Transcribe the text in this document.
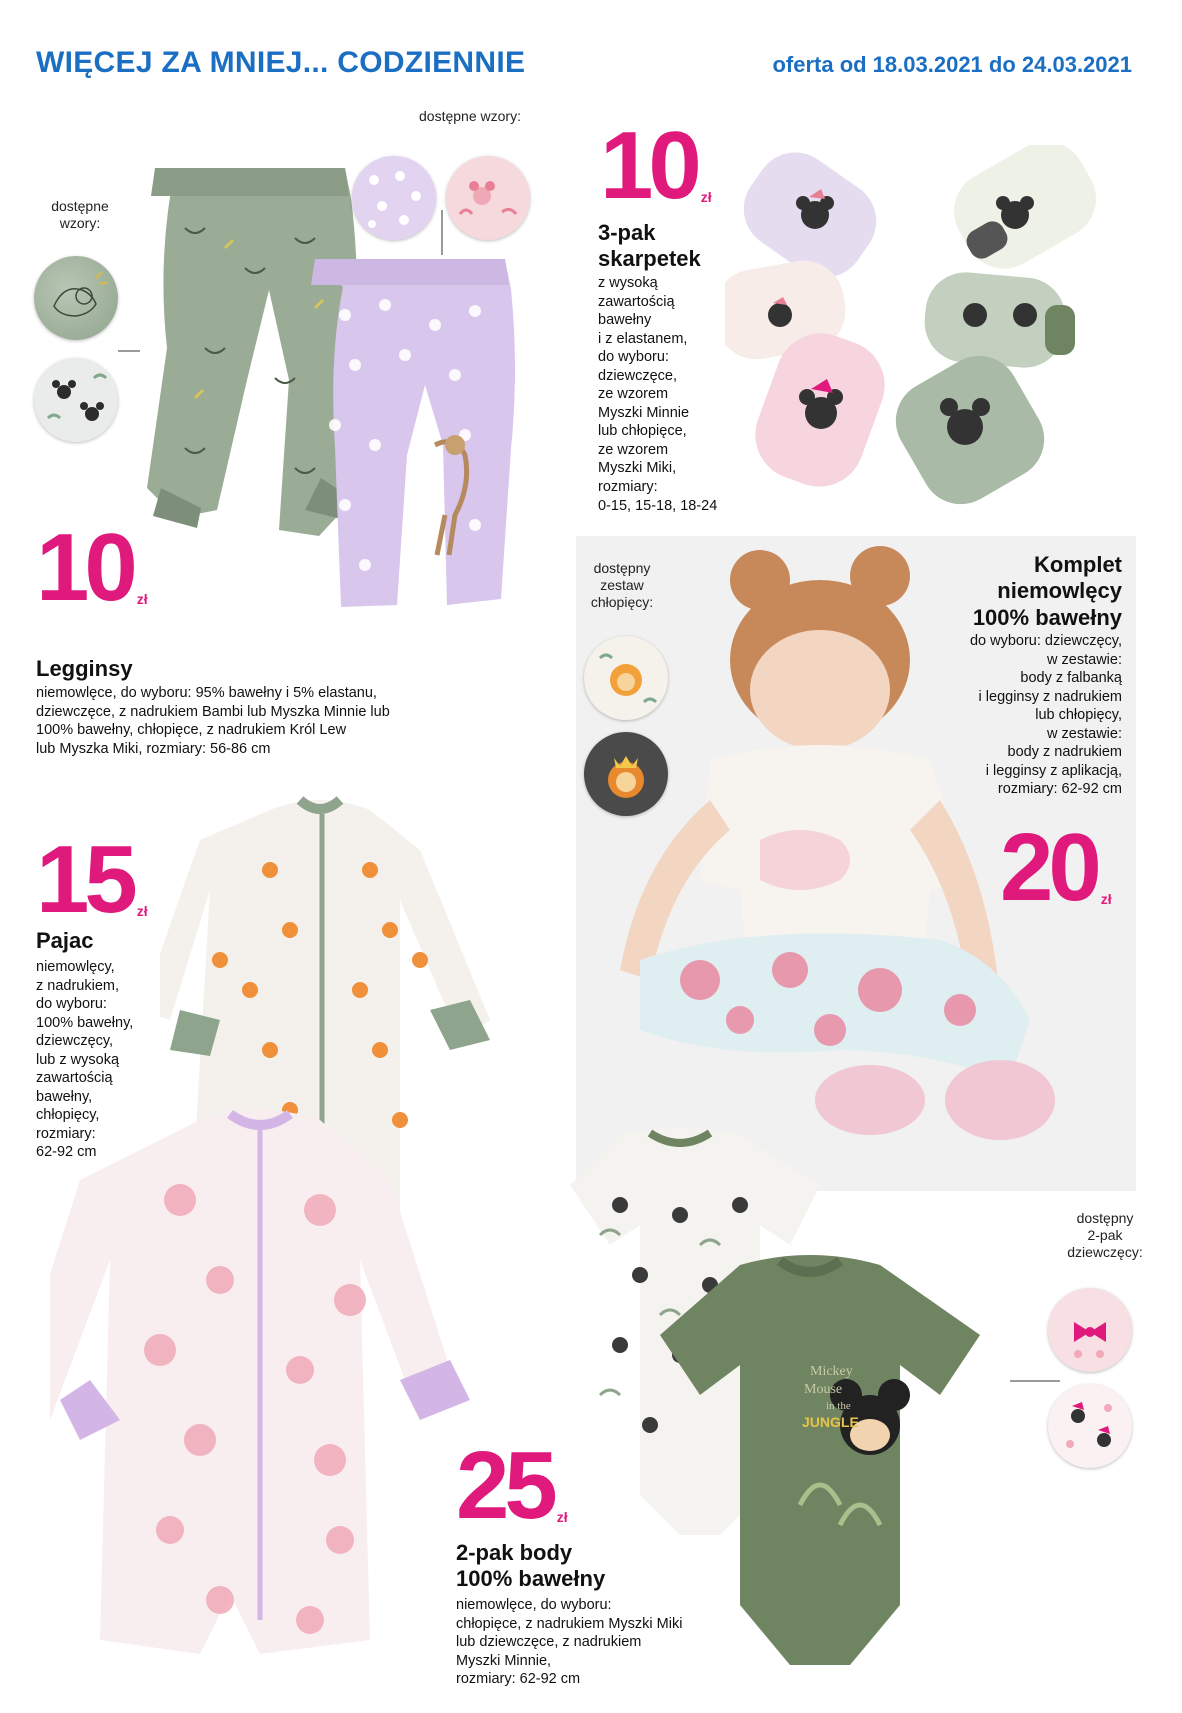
WIĘCEJ ZA MNIEJ... CODZIENNIE	oferta od 18.03.2021 do 24.03.2021
dostępne wzory:
dostępne wzory:
10 zł
Legginsy
niemowlęce, do wyboru: 95% bawełny i 5% elastanu,
dziewczęce, z nadrukiem Bambi lub Myszka Minnie lub
100% bawełny, chłopięce, z nadrukiem Król Lew
lub Myszka Miki, rozmiary: 56-86 cm
10 zł
3-pak
skarpetek
z wysoką
zawartością
bawełny
i z elastanem,
do wyboru:
dziewczęce,
ze wzorem
Myszki Minnie
lub chłopięce,
ze wzorem
Myszki Miki,
rozmiary:
0-15, 15-18, 18-24
dostępny
zestaw
chłopięcy:
Komplet
niemowlęcy
100% bawełny
do wyboru: dziewczęcy,
w zestawie:
body z falbanką
i legginsy z nadrukiem
lub chłopięcy,
w zestawie:
body z nadrukiem
i legginsy z aplikacją,
rozmiary: 62-92 cm
20 zł
15 zł
Pajac
niemowlęcy,
z nadrukiem,
do wyboru:
100% bawełny,
dziewczęcy,
lub z wysoką
zawartością
bawełny,
chłopięcy,
rozmiary:
62-92 cm
dostępny
2-pak
dziewczęcy:
Mickey
Mouse
in the
JUNGLE
25 zł
2-pak body
100% bawełny
niemowlęce, do wyboru:
chłopięce, z nadrukiem Myszki Miki
lub dziewczęce, z nadrukiem
Myszki Minnie,
rozmiary: 62-92 cm
